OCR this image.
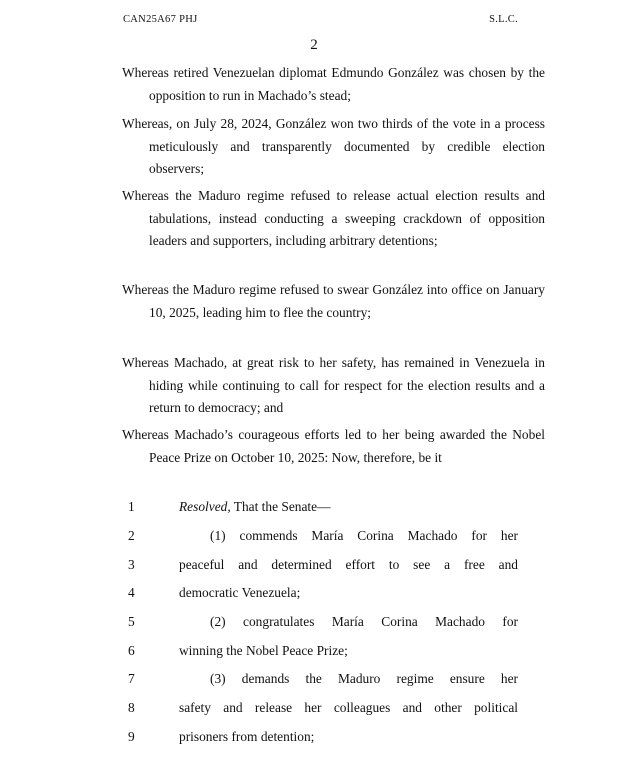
CAN25A67 PHJ	S.L.C.
2
Whereas retired Venezuelan diplomat Edmundo González was chosen by the opposition to run in Machado’s stead;
Whereas, on July 28, 2024, González won two thirds of the vote in a process meticulously and transparently documented by credible election observers;
Whereas the Maduro regime refused to release actual election results and tabulations, instead conducting a sweeping crackdown of opposition leaders and supporters, including arbitrary detentions;
Whereas the Maduro regime refused to swear González into office on January 10, 2025, leading him to flee the country;
Whereas Machado, at great risk to her safety, has remained in Venezuela in hiding while continuing to call for respect for the election results and a return to democracy; and
Whereas Machado’s courageous efforts led to her being awarded the Nobel Peace Prize on October 10, 2025: Now, therefore, be it
1
2
3
4
5
6
7
8
9
Resolved, That the Senate—
(1) commends María Corina Machado for her
peaceful and determined effort to see a free and
democratic Venezuela;
(2) congratulates María Corina Machado for
winning the Nobel Peace Prize;
(3) demands the Maduro regime ensure her
safety and release her colleagues and other political
prisoners from detention;
